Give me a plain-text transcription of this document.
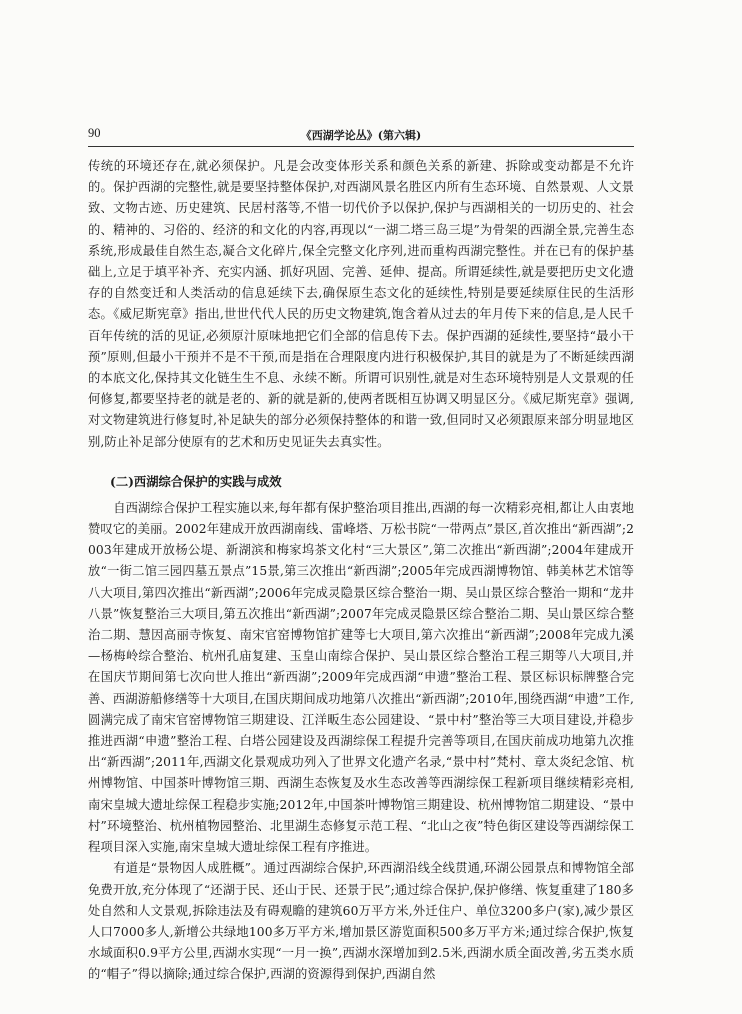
90	《西湖学论丛》(第六辑)

传统的环境还存在,就必须保护。凡是会改变体形关系和颜色关系的新建、拆除或变动都是不允许的。保护西湖的完整性,就是要坚持整体保护,对西湖风景名胜区内所有生态环境、自然景观、人文景致、文物古迹、历史建筑、民居村落等,不惜一切代价予以保护,保护与西湖相关的一切历史的、社会的、精神的、习俗的、经济的和文化的内容,再现以“一湖二塔三岛三堤”为骨架的西湖全景,完善生态系统,形成最佳自然生态,凝合文化碎片,保全完整文化序列,进而重构西湖完整性。并在已有的保护基础上,立足于填平补齐、充实内涵、抓好巩固、完善、延伸、提高。所谓延续性,就是要把历史文化遗存的自然变迁和人类活动的信息延续下去,确保原生态文化的延续性,特别是要延续原住民的生活形态。《威尼斯宪章》指出,世世代代人民的历史文物建筑,饱含着从过去的年月传下来的信息,是人民千百年传统的活的见证,必须原汁原味地把它们全部的信息传下去。保护西湖的延续性,要坚持“最小干预”原则,但最小干预并不是不干预,而是指在合理限度内进行积极保护,其目的就是为了不断延续西湖的本底文化,保持其文化链生生不息、永续不断。所谓可识别性,就是对生态环境特别是人文景观的任何修复,都要坚持老的就是老的、新的就是新的,使两者既相互协调又明显区分。《威尼斯宪章》强调,对文物建筑进行修复时,补足缺失的部分必须保持整体的和谐一致,但同时又必须跟原来部分明显地区别,防止补足部分使原有的艺术和历史见证失去真实性。

(二)西湖综合保护的实践与成效

自西湖综合保护工程实施以来,每年都有保护整治项目推出,西湖的每一次精彩亮相,都让人由衷地赞叹它的美丽。2002年建成开放西湖南线、雷峰塔、万松书院“一带两点”景区,首次推出“新西湖”;2003年建成开放杨公堤、新湖滨和梅家坞茶文化村“三大景区”,第二次推出“新西湖”;2004年建成开放“一街二馆三园四墓五景点”15景,第三次推出“新西湖”;2005年完成西湖博物馆、韩美林艺术馆等八大项目,第四次推出“新西湖”;2006年完成灵隐景区综合整治一期、吴山景区综合整治一期和“龙井八景”恢复整治三大项目,第五次推出“新西湖”;2007年完成灵隐景区综合整治二期、吴山景区综合整治二期、慧因高丽寺恢复、南宋官窑博物馆扩建等七大项目,第六次推出“新西湖”;2008年完成九溪—杨梅岭综合整治、杭州孔庙复建、玉皇山南综合保护、吴山景区综合整治工程三期等八大项目,并在国庆节期间第七次向世人推出“新西湖”;2009年完成西湖“申遗”整治工程、景区标识标牌整合完善、西湖游船修缮等十大项目,在国庆期间成功地第八次推出“新西湖”;2010年,围绕西湖“申遗”工作,圆满完成了南宋官窑博物馆三期建设、江洋畈生态公园建设、“景中村”整治等三大项目建设,并稳步推进西湖“申遗”整治工程、白塔公园建设及西湖综保工程提升完善等项目,在国庆前成功地第九次推出“新西湖”;2011年,西湖文化景观成功列入了世界文化遗产名录,“景中村”梵村、章太炎纪念馆、杭州博物馆、中国茶叶博物馆三期、西湖生态恢复及水生态改善等西湖综保工程新项目继续精彩亮相,南宋皇城大遗址综保工程稳步实施;2012年,中国茶叶博物馆三期建设、杭州博物馆二期建设、“景中村”环境整治、杭州植物园整治、北里湖生态修复示范工程、“北山之夜”特色街区建设等西湖综保工程项目深入实施,南宋皇城大遗址综保工程有序推进。

有道是“景物因人成胜概”。通过西湖综合保护,环西湖沿线全线贯通,环湖公园景点和博物馆全部免费开放,充分体现了“还湖于民、还山于民、还景于民”;通过综合保护,保护修缮、恢复重建了180多处自然和人文景观,拆除违法及有碍观瞻的建筑60万平方米,外迁住户、单位3200多户(家),减少景区人口7000多人,新增公共绿地100多万平方米,增加景区游览面积500多万平方米;通过综合保护,恢复水域面积0.9平方公里,西湖水实现“一月一换”,西湖水深增加到2.5米,西湖水质全面改善,劣五类水质的“帽子”得以摘除;通过综合保护,西湖的资源得到保护,西湖自然
